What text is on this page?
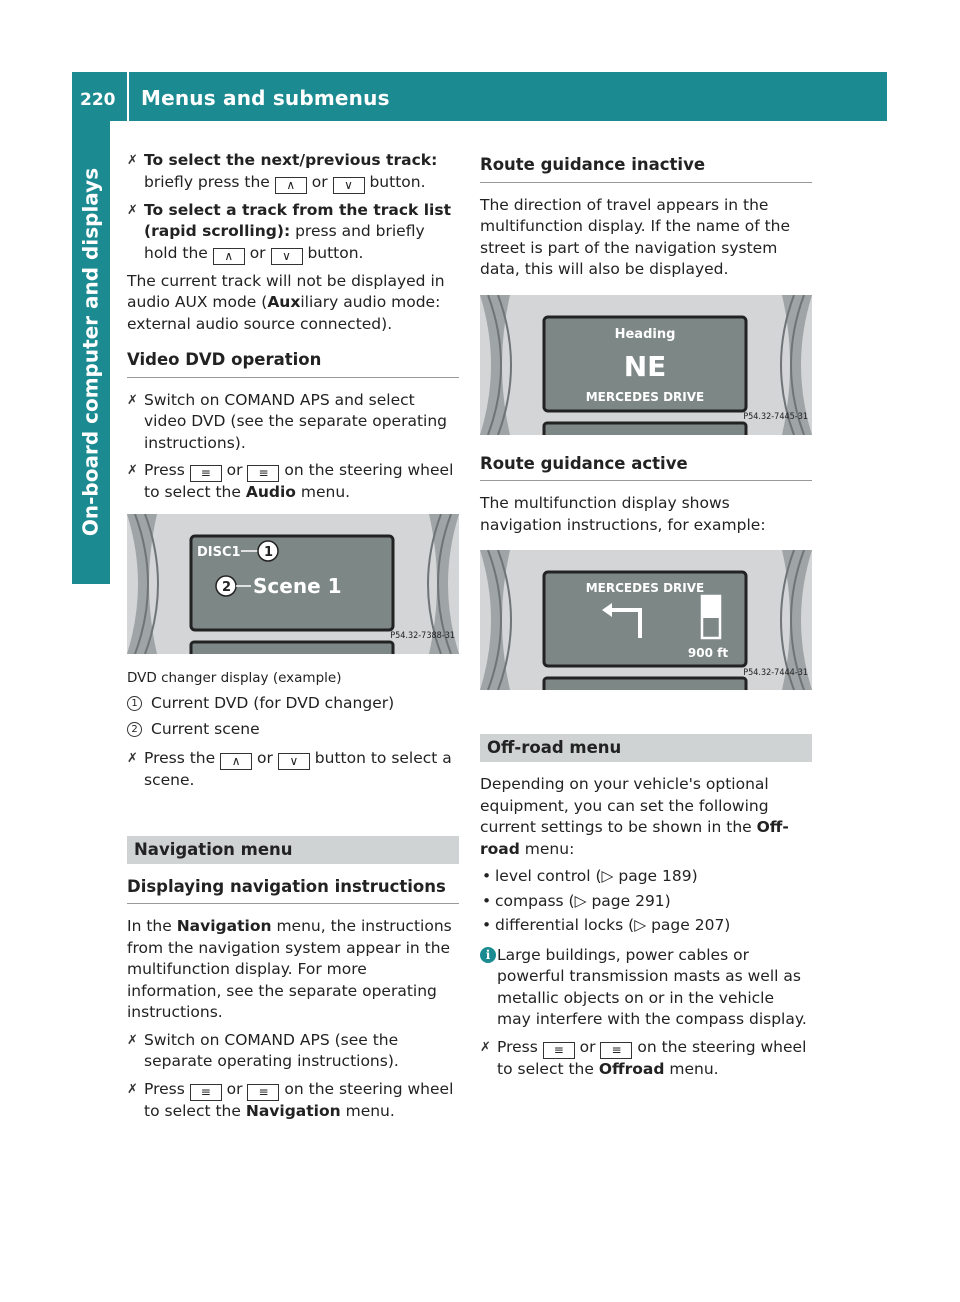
220 Menus and submenus
On-board computer and displays
✗ To select the next/previous track:
briefly press the ∧ or ∨ button.
✗ To select a track from the track list (rapid scrolling): press and briefly hold the ∧ or ∨ button.

The current track will not be displayed in audio AUX mode (Auxiliary audio mode: external audio source connected).

Video DVD operation
✗ Switch on COMAND APS and select video DVD (see the separate operating instructions).
✗ Press ≡ or ≡ on the steering wheel to select the Audio menu.
DISC1 1
2 Scene 1
P54.32-7388-31
DVD changer display (example)
1 Current DVD (for DVD changer)
2 Current scene
✗ Press the ∧ or ∨ button to select a scene.
Navigation menu
Displaying navigation instructions

In the Navigation menu, the instructions from the navigation system appear in the multifunction display. For more information, see the separate operating instructions.

✗ Switch on COMAND APS (see the separate operating instructions).
✗ Press ≡ or ≡ on the steering wheel to select the Navigation menu.
Route guidance inactive

The direction of travel appears in the multifunction display. If the name of the street is part of the navigation system data, this will also be displayed.

Heading
NE
MERCEDES DRIVE
P54.32-7445-31
Route guidance active

The multifunction display shows navigation instructions, for example:

MERCEDES DRIVE
900 ft
P54.32-7444-31
Off-road menu

Depending on your vehicle's optional equipment, you can set the following current settings to be shown in the Off-road menu:

• level control (▷ page 189)
• compass (▷ page 291)
• differential locks (▷ page 207)
i Large buildings, power cables or powerful transmission masts as well as metallic objects on or in the vehicle may interfere with the compass display.
✗ Press ≡ or ≡ on the steering wheel to select the Offroad menu.
